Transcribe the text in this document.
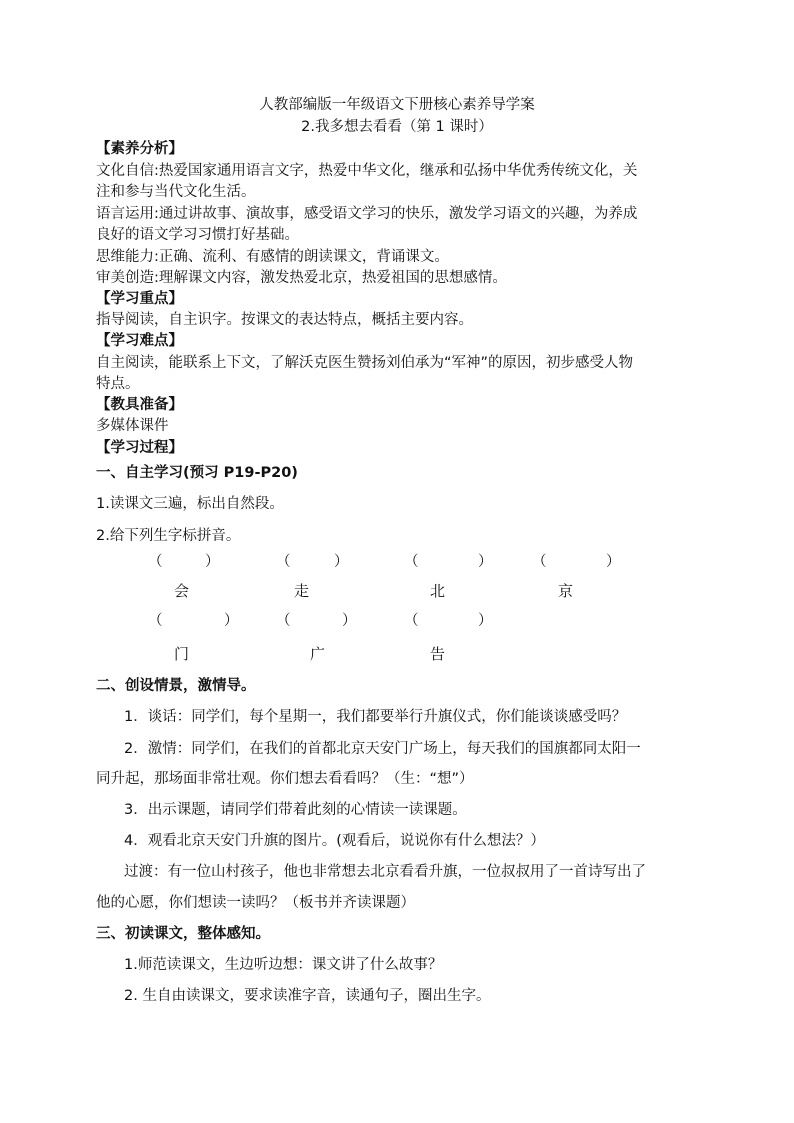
人教部编版一年级语文下册核心素养导学案
2.我多想去看看（第 1 课时）
【素养分析】
文化自信:热爱国家通用语言文字，热爱中华文化，继承和弘扬中华优秀传统文化，关
注和参与当代文化生活。
语言运用:通过讲故事、演故事，感受语文学习的快乐，激发学习语文的兴趣，为养成
良好的语文学习习惯打好基础。
思维能力:正确、流利、有感情的朗读课文，背诵课文。
审美创造:理解课文内容，激发热爱北京，热爱祖国的思想感情。
【学习重点】
指导阅读，自主识字。按课文的表达特点，概括主要内容。
【学习难点】
自主阅读，能联系上下文，了解沃克医生赞扬刘伯承为“军神”的原因，初步感受人物
特点。
【教具准备】
多媒体课件
【学习过程】
一、自主学习(预习 P19-P20)
1.读课文三遍，标出自然段。
2.给下列生字标拼音。
（	）	（	）	（	）	（	）
会	走	北	京
（	）	（	）	（	）
门	广	告
二、创设情景，激情导。
1．谈话：同学们，每个星期一，我们都要举行升旗仪式，你们能谈谈感受吗？
2．激情：同学们，在我们的首都北京天安门广场上，每天我们的国旗都同太阳一
同升起，那场面非常壮观。你们想去看看吗？（生：“想”）
3．出示课题，请同学们带着此刻的心情读一读课题。
4．观看北京天安门升旗的图片。(观看后，说说你有什么想法？）
过渡：有一位山村孩子，他也非常想去北京看看升旗，一位叔叔用了一首诗写出了
他的心愿，你们想读一读吗？（板书并齐读课题）
三、初读课文，整体感知。
1.师范读课文，生边听边想：课文讲了什么故事？
2. 生自由读课文，要求读准字音，读通句子，圈出生字。
